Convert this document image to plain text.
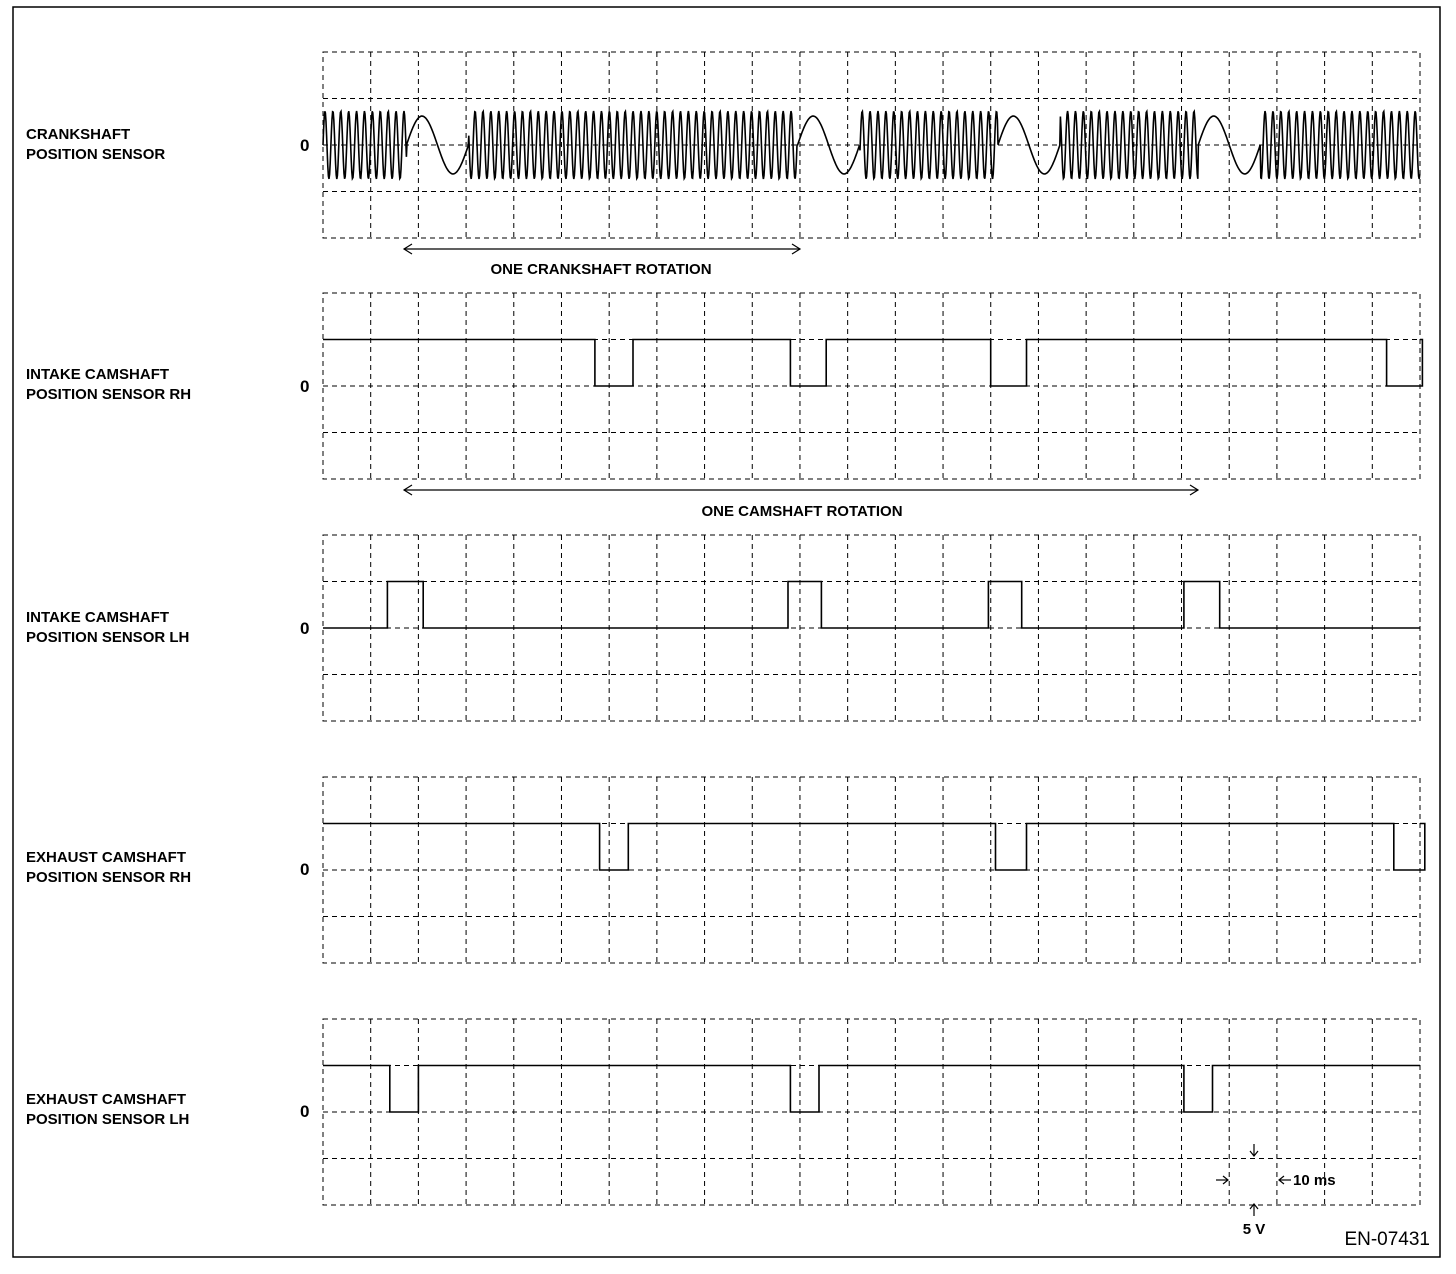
CRANKSHAFT
POSITION SENSOR	0
INTAKE CAMSHAFT
POSITION SENSOR RH	0
INTAKE CAMSHAFT
POSITION SENSOR LH	0
EXHAUST CAMSHAFT
POSITION SENSOR RH	0
EXHAUST CAMSHAFT
POSITION SENSOR LH	0
ONE CRANKSHAFT ROTATION
ONE CAMSHAFT ROTATION
10 ms
5 V	EN-07431
